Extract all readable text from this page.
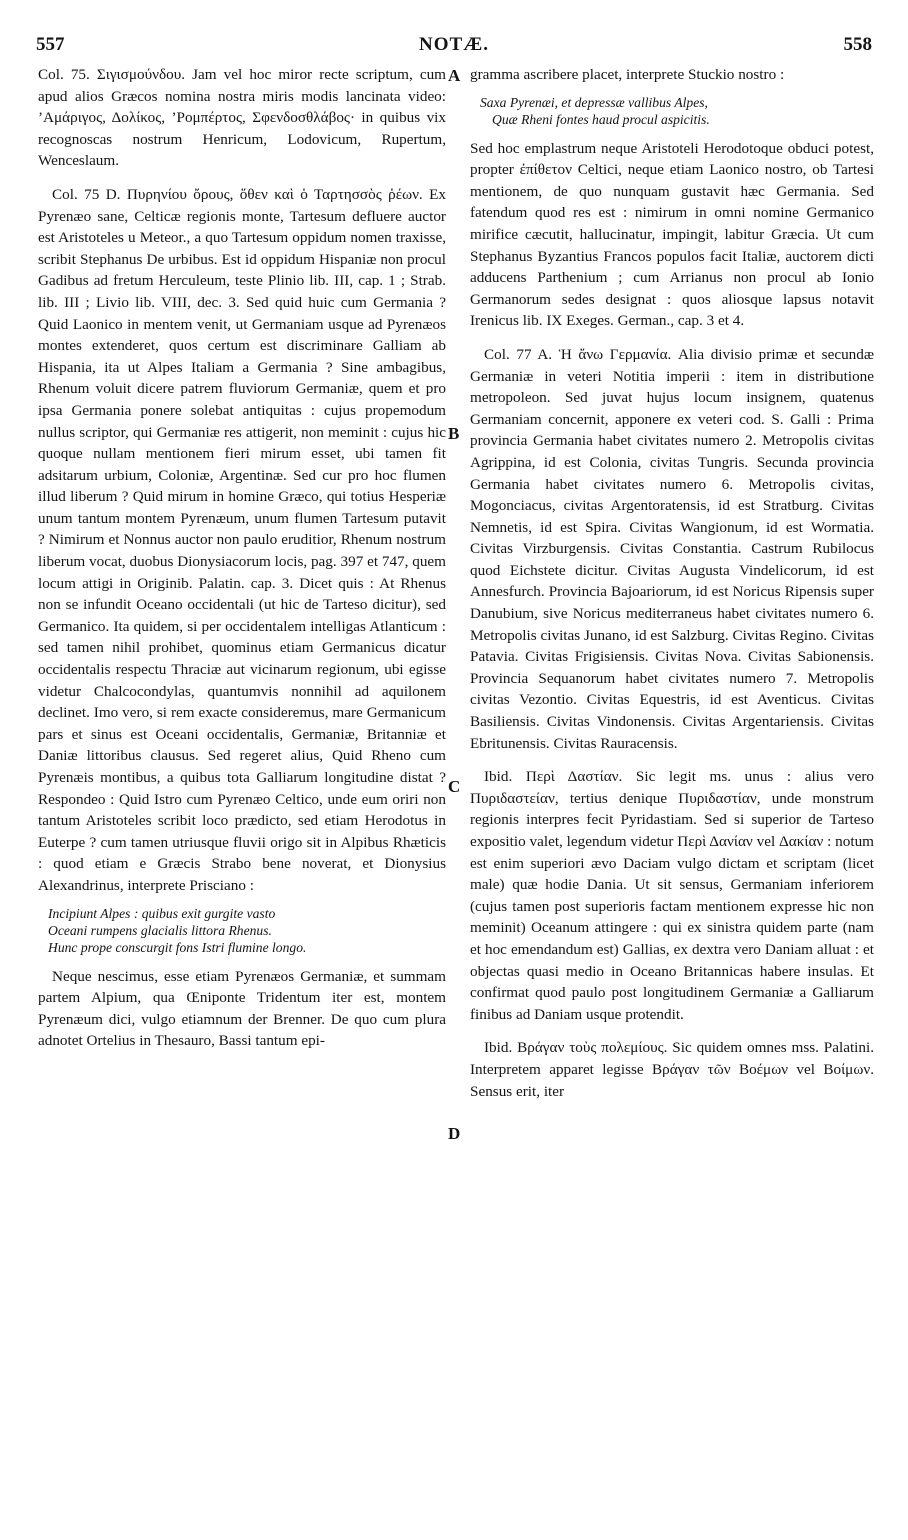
557	NOTÆ.	558
A
B
C
D

Col. 75. Σιγισμούνδου. Jam vel hoc miror recte scriptum, cum apud alios Græcos nomina nostra miris modis lancinata video: ’Αμάριγος, Δολίκος, ’Ρομπέρτος, Σφενδοσθλάβος· in quibus vix recognoscas nostrum Henricum, Lodovicum, Rupertum, Wenceslaum.

Col. 75 D. Πυρηνίου ὄρους, ὅθεν καὶ ὁ Ταρτησσὸς ῥέων. Ex Pyrenæo sane, Celticæ regionis monte, Tartesum defluere auctor est Aristoteles u Meteor., a quo Tartesum oppidum nomen traxisse, scribit Stephanus De urbibus. Est id oppidum Hispaniæ non procul Gadibus ad fretum Herculeum, teste Plinio lib. III, cap. 1 ; Strab. lib. III ; Livio lib. VIII, dec. 3. Sed quid huic cum Germania ? Quid Laonico in mentem venit, ut Germaniam usque ad Pyrenæos montes extenderet, quos certum est discriminare Galliam ab Hispania, ita ut Alpes Italiam a Germania ? Sine ambagibus, Rhenum voluit dicere patrem fluviorum Germaniæ, quem et pro ipsa Germania ponere solebat antiquitas : cujus propemodum nullus scriptor, qui Germaniæ res attigerit, non meminit : cujus hic quoque nullam mentionem fieri mirum esset, ubi tamen fit adsitarum urbium, Coloniæ, Argentinæ. Sed cur pro hoc flumen illud liberum ? Quid mirum in homine Græco, qui totius Hesperiæ unum tantum montem Pyrenæum, unum flumen Tartesum putavit ? Nimirum et Nonnus auctor non paulo eruditior, Rhenum nostrum liberum vocat, duobus Dionysiacorum locis, pag. 397 et 747, quem locum attigi in Originib. Palatin. cap. 3. Dicet quis : At Rhenus non se infundit Oceano occidentali (ut hic de Tarteso dicitur), sed Germanico. Ita quidem, si per occidentalem intelligas Atlanticum : sed tamen nihil prohibet, quominus etiam Germanicus dicatur occidentalis respectu Thraciæ aut vicinarum regionum, ubi egisse videtur Chalcocondylas, quantumvis nonnihil ad aquilonem declinet. Imo vero, si rem exacte consideremus, mare Germanicum pars et sinus est Oceani occidentalis, Germaniæ, Britanniæ et Daniæ littoribus clausus. Sed regeret alius, Quid Rheno cum Pyrenæis montibus, a quibus tota Galliarum longitudine distat ? Respondeo : Quid Istro cum Pyrenæo Celtico, unde eum oriri non tantum Aristoteles scribit loco prædicto, sed etiam Herodotus in Euterpe ? cum tamen utriusque fluvii origo sit in Alpibus Rhæticis : quod etiam e Græcis Strabo bene noverat, et Dionysius Alexandrinus, interprete Prisciano :

Incipiunt Alpes : quibus exit gurgite vasto
Oceani rumpens glacialis littora Rhenus.
Hunc prope conscurgit fons Istri flumine longo.

Neque nescimus, esse etiam Pyrenæos Germaniæ, et summam partem Alpium, qua Œniponte Tridentum iter est, montem Pyrenæum dici, vulgo etiamnum der Brenner. De quo cum plura adnotet Ortelius in Thesauro, Bassi tantum epi-

gramma ascribere placet, interprete Stuckio nostro :

Saxa Pyrenæi, et depressæ vallibus Alpes,
Quæ Rheni fontes haud procul aspicitis.

Sed hoc emplastrum neque Aristoteli Herodotoque obduci potest, propter ἐπίθετον Celtici, neque etiam Laonico nostro, ob Tartesi mentionem, de quo nunquam gustavit hæc Germania. Sed fatendum quod res est : nimirum in omni nomine Germanico mirifice cæcutit, hallucinatur, impingit, labitur Græcia. Ut cum Stephanus Byzantius Francos populos facit Italiæ, auctorem dicti adducens Parthenium ; cum Arrianus non procul ab Ionio Germanorum sedes designat : quos aliosque lapsus notavit Irenicus lib. IX Exeges. German., cap. 3 et 4.

Col. 77 A. Ἡ ἄνω Γερμανία. Alia divisio primæ et secundæ Germaniæ in veteri Notitia imperii : item in distributione metropoleon. Sed juvat hujus locum insignem, quatenus Germaniam concernit, apponere ex veteri cod. S. Galli : Prima provincia Germania habet civitates numero 2. Metropolis civitas Agrippina, id est Colonia, civitas Tungris. Secunda provincia Germania habet civitates numero 6. Metropolis civitas, Mogonciacus, civitas Argentoratensis, id est Stratburg. Civitas Nemnetis, id est Spira. Civitas Wangionum, id est Wormatia. Civitas Virzburgensis. Civitas Constantia. Castrum Rubilocus quod Eichstete dicitur. Civitas Augusta Vindelicorum, id est Annesfurch. Provincia Bajoariorum, id est Noricus Ripensis super Danubium, sive Noricus mediterraneus habet civitates numero 6. Metropolis civitas Junano, id est Salzburg. Civitas Regino. Civitas Patavia. Civitas Frigisiensis. Civitas Nova. Civitas Sabionensis. Provincia Sequanorum habet civitates numero 7. Metropolis civitas Vezontio. Civitas Equestris, id est Aventicus. Civitas Basiliensis. Civitas Vindonensis. Civitas Argentariensis. Civitas Ebritunensis. Civitas Rauracensis.

Ibid. Περὶ Δαστίαν. Sic legit ms. unus : alius vero Πυριδαστείαν, tertius denique Πυριδαστίαν, unde monstrum regionis interpres fecit Pyridastiam. Sed si superior de Tarteso expositio valet, legendum videtur Περὶ Δανίαν vel Δακίαν : notum est enim superiori ævo Daciam vulgo dictam et scriptam (licet male) quæ hodie Dania. Ut sit sensus, Germaniam inferiorem (cujus tamen post superioris factam mentionem expresse hic non meminit) Oceanum attingere : qui ex sinistra quidem parte (nam et hoc emendandum est) Gallias, ex dextra vero Daniam alluat : et objectas quasi medio in Oceano Britannicas habere insulas. Et confirmat quod paulo post longitudinem Germaniæ a Galliarum finibus ad Daniam usque protendit.

Ibid. Βράγαν τοὺς πολεμίους. Sic quidem omnes mss. Palatini. Interpretem apparet legisse Βράγαν τῶν Βοέμων vel Βοίμων. Sensus erit, iter
